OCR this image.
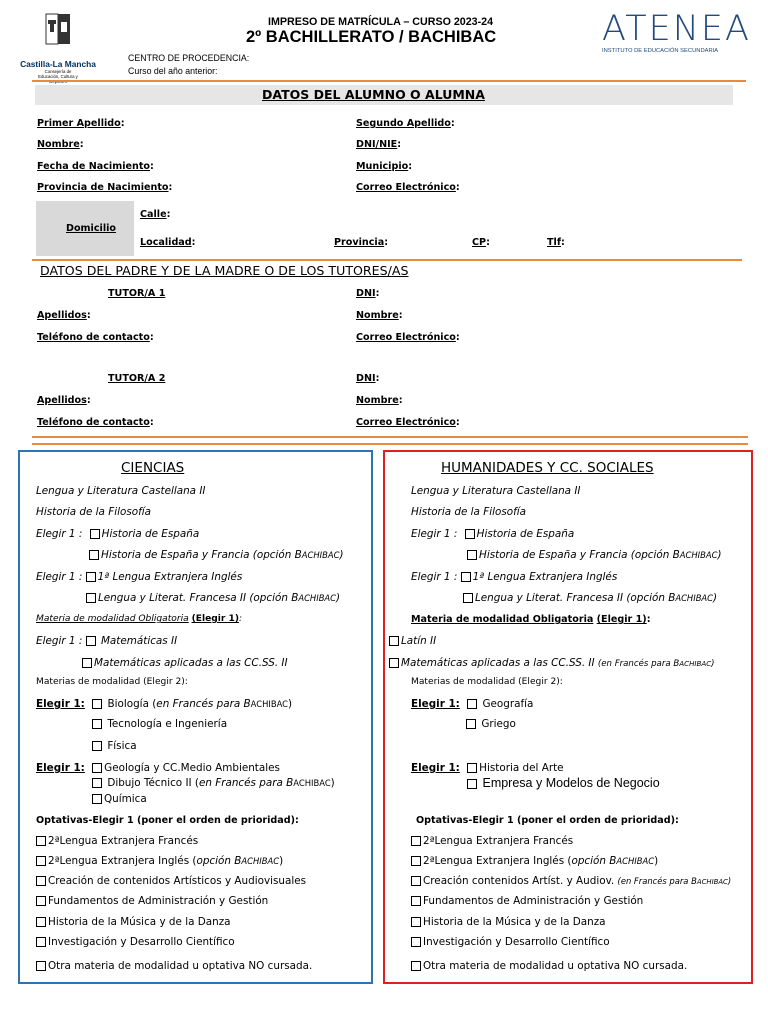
Castilla-La Mancha
Consejería de Educación, Cultura y
IMPRESO DE MATRÍCULA – CURSO 2023-24
2º BACHILLERATO / BACHIBAC
CENTRO DE PROCEDENCIA:
Curso del año anterior:
ATENEA
INSTITUTO DE EDUCACIÓN SECUNDARIA
DATOS DEL ALUMNO O ALUMNA
Primer Apellido:	Segundo Apellido:
Nombre:	DNI/NIE:
Fecha de Nacimiento:	Municipio:
Provincia de Nacimiento:	Correo Electrónico:
Domicilio
Calle:
Localidad:	Provincia:	CP:	Tlf:
DATOS DEL PADRE Y DE LA MADRE O DE LOS TUTORES/AS
TUTOR/A 1	DNI:
Apellidos:	Nombre:
Teléfono de contacto:	Correo Electrónico:
TUTOR/A 2	DNI:
Apellidos:	Nombre:
Teléfono de contacto:	Correo Electrónico:
CIENCIAS
Lengua y Literatura Castellana II
Historia de la Filosofía
Elegir 1 : Historia de España
Historia de España y Francia (opción BACHIBAC)
Elegir 1 : 1ª Lengua Extranjera Inglés
Lengua y Literat. Francesa II (opción BACHIBAC)
Materia de modalidad Obligatoria (Elegir 1):
Elegir 1 : Matemáticas II
Matemáticas aplicadas a las CC.SS. II
Materias de modalidad (Elegir 2):
Elegir 1: Biología (en Francés para BACHIBAC)
Tecnología e Ingeniería
Física
Elegir 1: Geología y CC.Medio Ambientales
Dibujo Técnico II (en Francés para BACHIBAC)
Química
Optativas-Elegir 1 (poner el orden de prioridad):
2ªLengua Extranjera Francés
2ªLengua Extranjera Inglés (opción BACHIBAC)
Creación de contenidos Artísticos y Audiovisuales
Fundamentos de Administración y Gestión
Historia de la Música y de la Danza
Investigación y Desarrollo Científico
Otra materia de modalidad u optativa NO cursada.
HUMANIDADES Y CC. SOCIALES
Lengua y Literatura Castellana II
Historia de la Filosofía
Elegir 1 : Historia de España
Historia de España y Francia (opción BACHIBAC)
Elegir 1 : 1ª Lengua Extranjera Inglés
Lengua y Literat. Francesa II (opción BACHIBAC)
Materia de modalidad Obligatoria (Elegir 1):
Latín II
Matemáticas aplicadas a las CC.SS. II (en Francés para BACHIBAC)
Materias de modalidad (Elegir 2):
Elegir 1: Geografía
Griego
Elegir 1: Historia del Arte
Empresa y Modelos de Negocio
Optativas-Elegir 1 (poner el orden de prioridad):
2ªLengua Extranjera Francés
2ªLengua Extranjera Inglés (opción BACHIBAC)
Creación contenidos Artíst. y Audiov. (en Francés para BACHIBAC)
Fundamentos de Administración y Gestión
Historia de la Música y de la Danza
Investigación y Desarrollo Científico
Otra materia de modalidad u optativa NO cursada.
